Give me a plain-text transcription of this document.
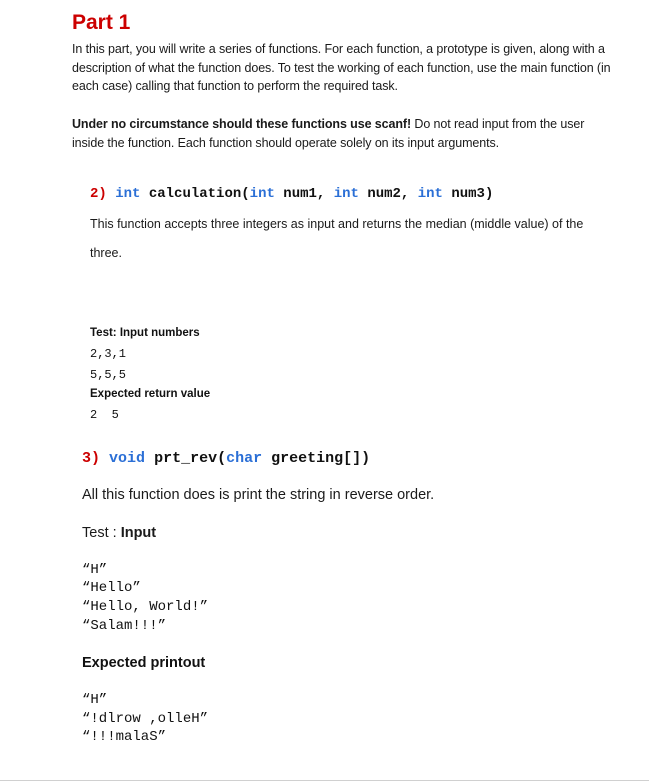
Part 1
In this part, you will write a series of functions. For each function, a prototype is given, along with a description of what the function does. To test the working of each function, use the main function (in each case) calling that function to perform the required task.
Under no circumstance should these functions use scanf! Do not read input from the user inside the function. Each function should operate solely on its input arguments.
2) int calculation(int num1, int num2, int num3)
This function accepts three integers as input and returns the median (middle value) of the
three.
Test: Input numbers
2,3,1
5,5,5
Expected return value
2  5
3) void prt_rev(char greeting[])
All this function does is print the string in reverse order.
Test : Input
“H”
“Hello”
“Hello, World!”
“Salam!!!”
Expected printout
“H”
“!dlrow ,olleH”
“!!!malaS”
